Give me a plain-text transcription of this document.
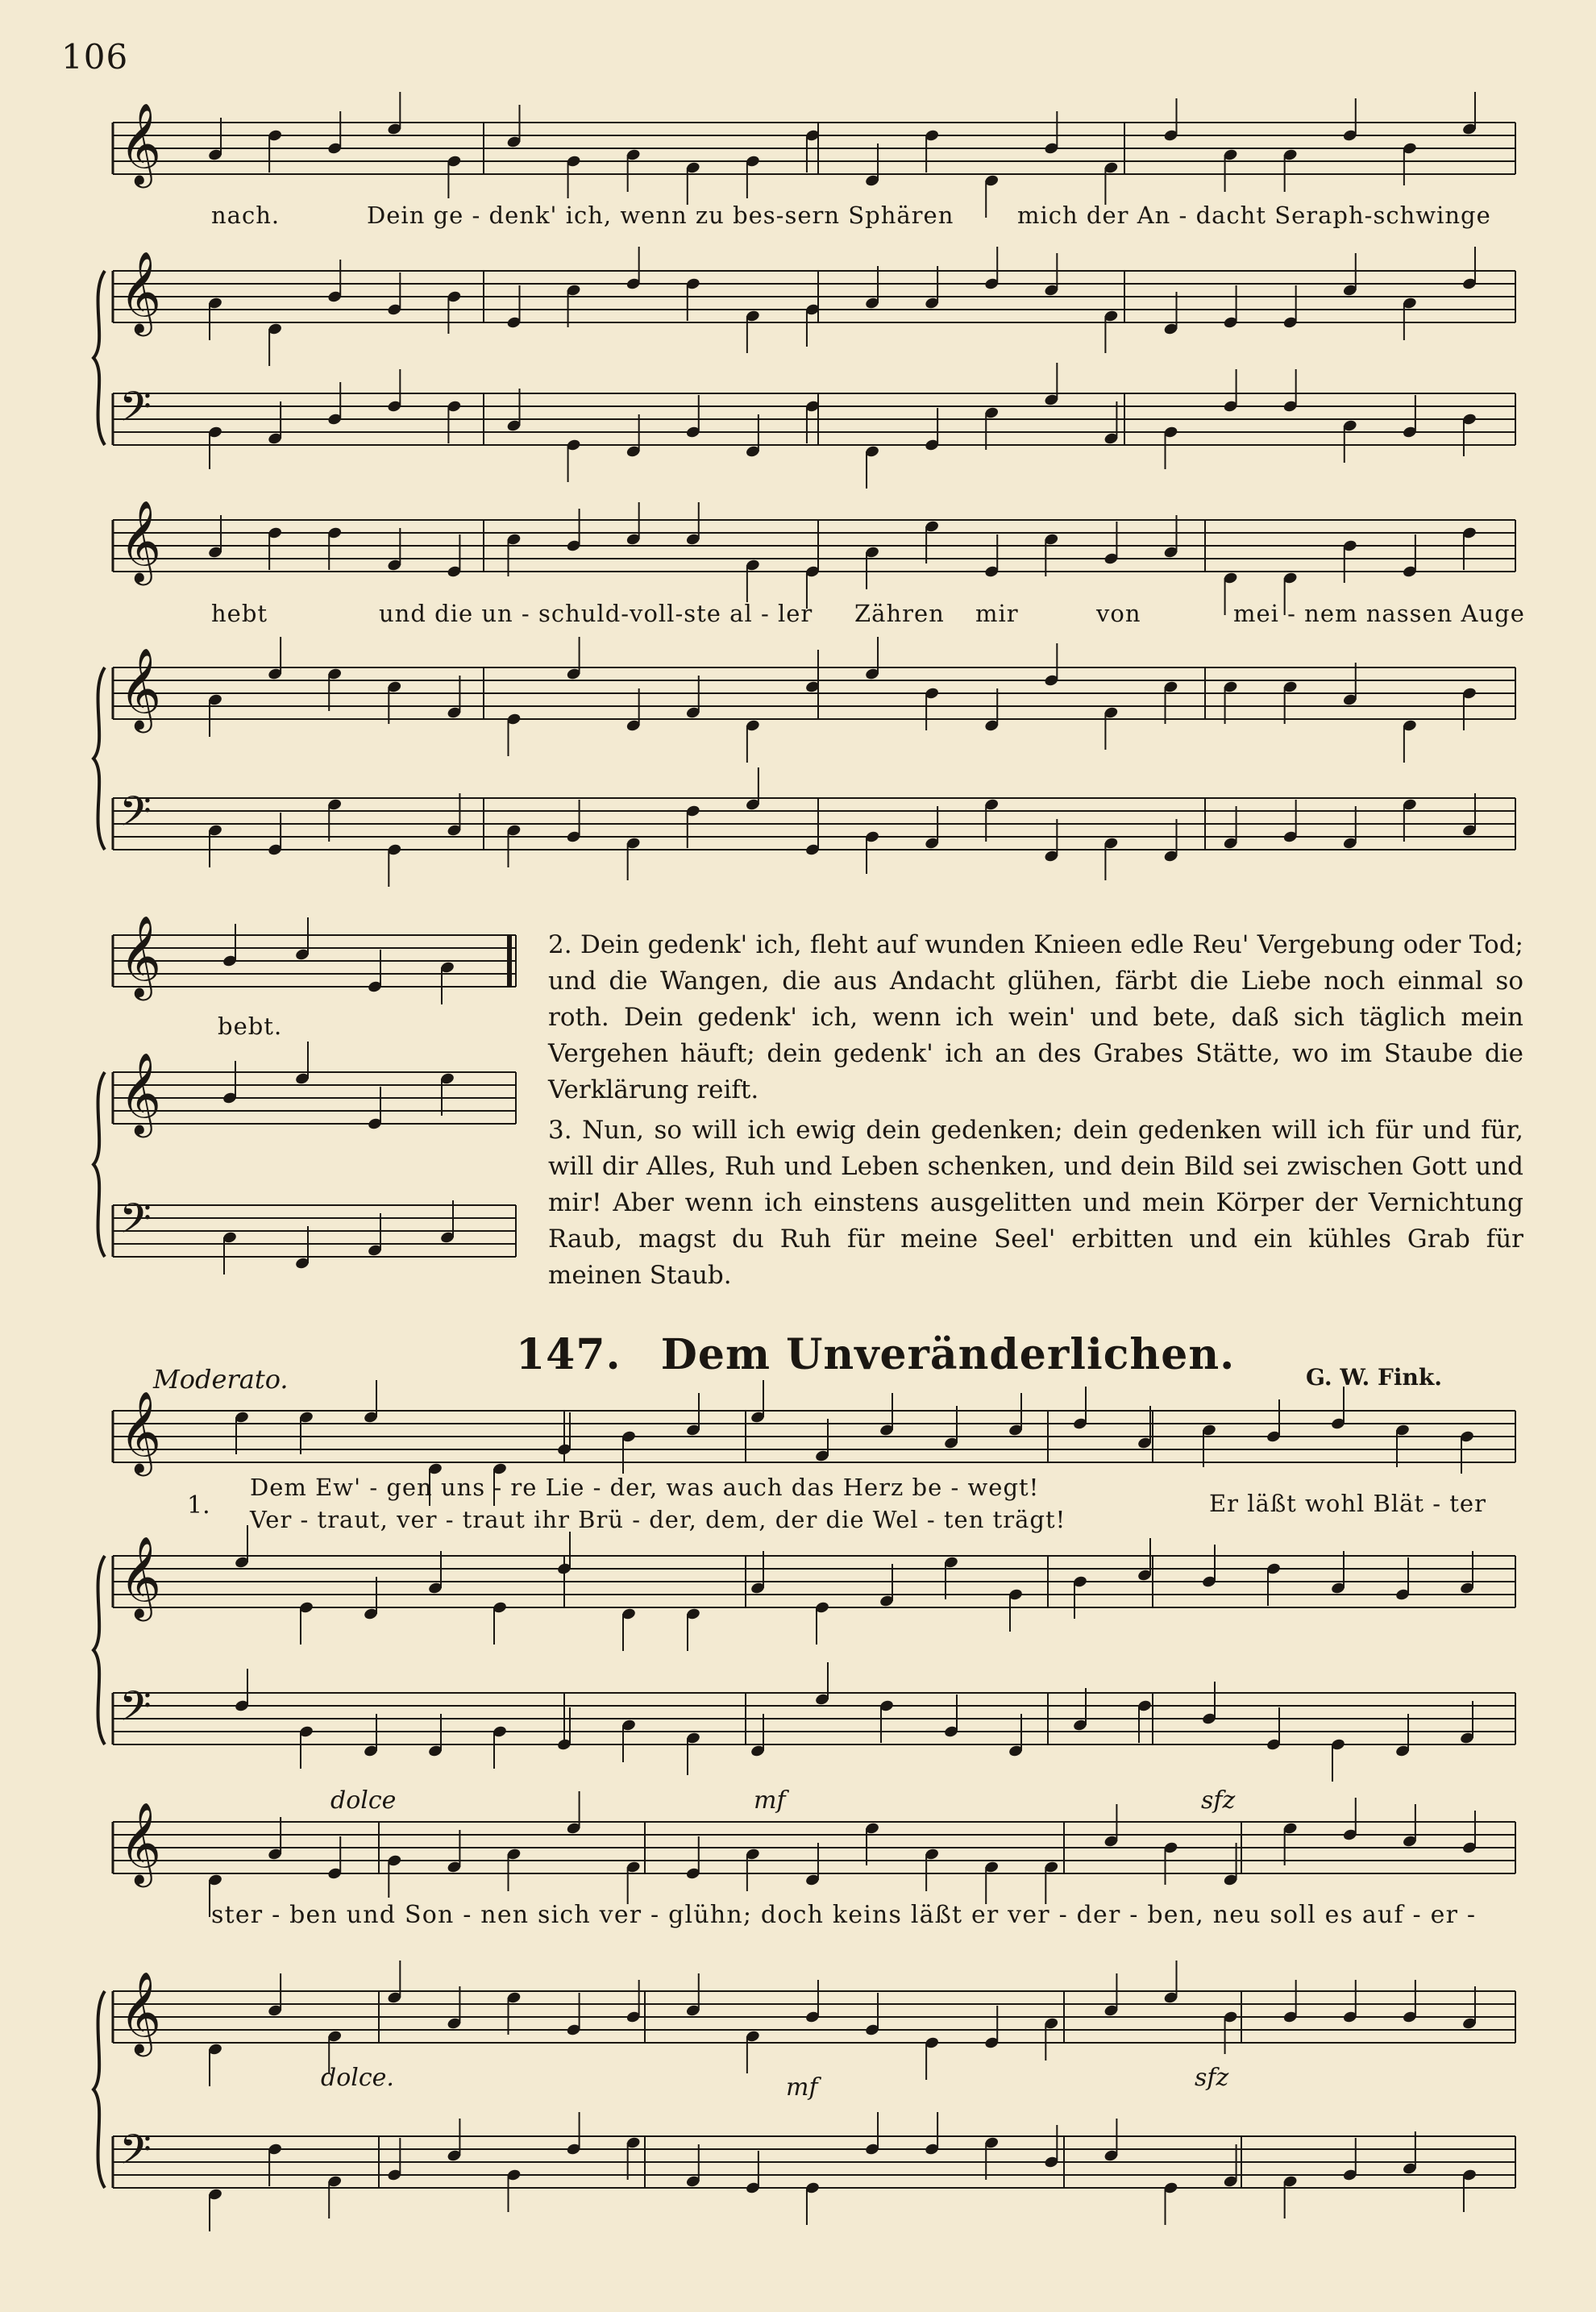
106
𝄞
𝄞
𝄢
𝄞
𝄞
𝄢
𝄞
𝄞
𝄢
𝄞
𝄞
𝄢
𝄞
𝄞
𝄢
nach.	Dein ge - denk' ich, wenn zu bes-sern Sphären	mich der An - dacht Seraph-schwinge
hebt	und die un - schuld-voll-ste al - ler Zähren mir	von	mei - nem nassen Auge
bebt.
2. Dein gedenk' ich, fleht auf wunden Knieen edle Reu' Vergebung oder Tod; und die Wangen, die aus Andacht glühen, färbt die Liebe noch einmal so roth. Dein gedenk' ich, wenn ich wein' und bete, daß sich täglich mein Vergehen häuft; dein gedenk' ich an des Grabes Stätte, wo im Staube die Verklärung reift.
3. Nun, so will ich ewig dein gedenken; dein gedenken will ich für und für, will dir Alles, Ruh und Leben schenken, und dein Bild sei zwischen Gott und mir! Aber wenn ich einstens ausgelitten und mein Körper der Vernichtung Raub, magst du Ruh für meine Seel' erbitten und ein kühles Grab für meinen Staub.
Moderato.	147. Dem Unveränderlichen.	G. W. Fink.
1.
Dem Ew' - gen uns - re Lie - der, was auch das Herz be - wegt!
Ver - traut, ver - traut ihr Brü - der, dem, der die Wel - ten trägt!
Er läßt wohl Blät - ter
ster - ben und Son - nen sich ver - glühn; doch keins läßt er ver - der - ben, neu soll es auf - er -
dolce	mf	sfz
dolce.	mf	sfz
